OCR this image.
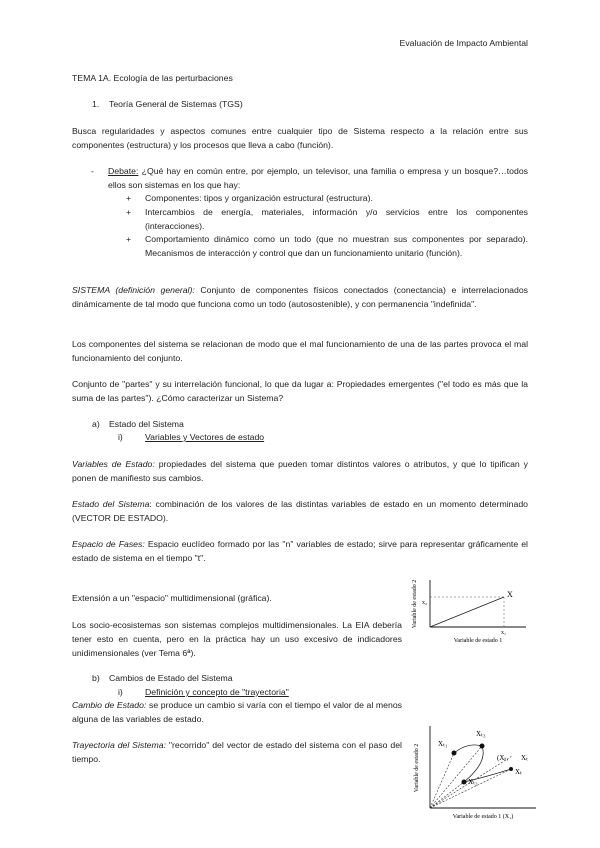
Evaluación de Impacto Ambiental
TEMA 1A. Ecología de las perturbaciones
1. Teoría General de Sistemas (TGS)

Busca regularidades y aspectos comunes entre cualquier tipo de Sistema respecto a la relación entre sus componentes (estructura) y los procesos que lleva a cabo (función).

- Debate: ¿Qué hay en común entre, por ejemplo, un televisor, una familia o empresa y un bosque?…todos ellos son sistemas en los que hay:

+ Componentes: tipos y organización estructural (estructura).

+ Intercambios de energía, materiales, información y/o servicios entre los componentes (interacciones).

+ Comportamiento dinámico como un todo (que no muestran sus componentes por separado). Mecanismos de interacción y control que dan un funcionamiento unitario (función).

SISTEMA (definición general): Conjunto de componentes físicos conectados (conectancia) e interrelacionados dinámicamente de tal modo que funciona como un todo (autosostenible), y con permanencia "indefinida".

Los componentes del sistema se relacionan de modo que el mal funcionamiento de una de las partes provoca el mal funcionamiento del conjunto.

Conjunto de "partes" y su interrelación funcional, lo que da lugar a: Propiedades emergentes ("el todo es más que la suma de las partes"). ¿Cómo caracterizar un Sistema?

a) Estado del Sistema
i)	Variables y Vectores de estado

Variables de Estado: propiedades del sistema que pueden tomar distintos valores o atributos, y que lo tipifican y ponen de manifiesto sus cambios.

Estado del Sistema: combinación de los valores de las distintas variables de estado en un momento determinado (VECTOR DE ESTADO).

Espacio de Fases: Espacio euclídeo formado por las "n" variables de estado; sirve para representar gráficamente el estado de sistema en el tiempo "t".

Extensión a un "espacio" multidimensional (gráfica).

Los socio-ecosistemas son sistemas complejos multidimensionales. La EIA debería tener esto en cuenta, pero en la práctica hay un uso excesivo de indicadores unidimensionales (ver Tema 6ª).

b) Cambios de Estado del Sistema
i)	Definición y concepto de "trayectoria"

Cambio de Estado: se produce un cambio si varía con el tiempo el valor de al menos alguna de las variables de estado.

Trayectoria del Sistema: "recorrido" del vector de estado del sistema con el paso del tiempo.

X
x₂
x₁
Variable de estado 1
Variable de estado 2
Xₜ₁
Xₜ₃
Xₜ₂
(Xₜ, Xₜ
Xₜ
Variable de estado 1 (X₁)
Variable de estado 2
